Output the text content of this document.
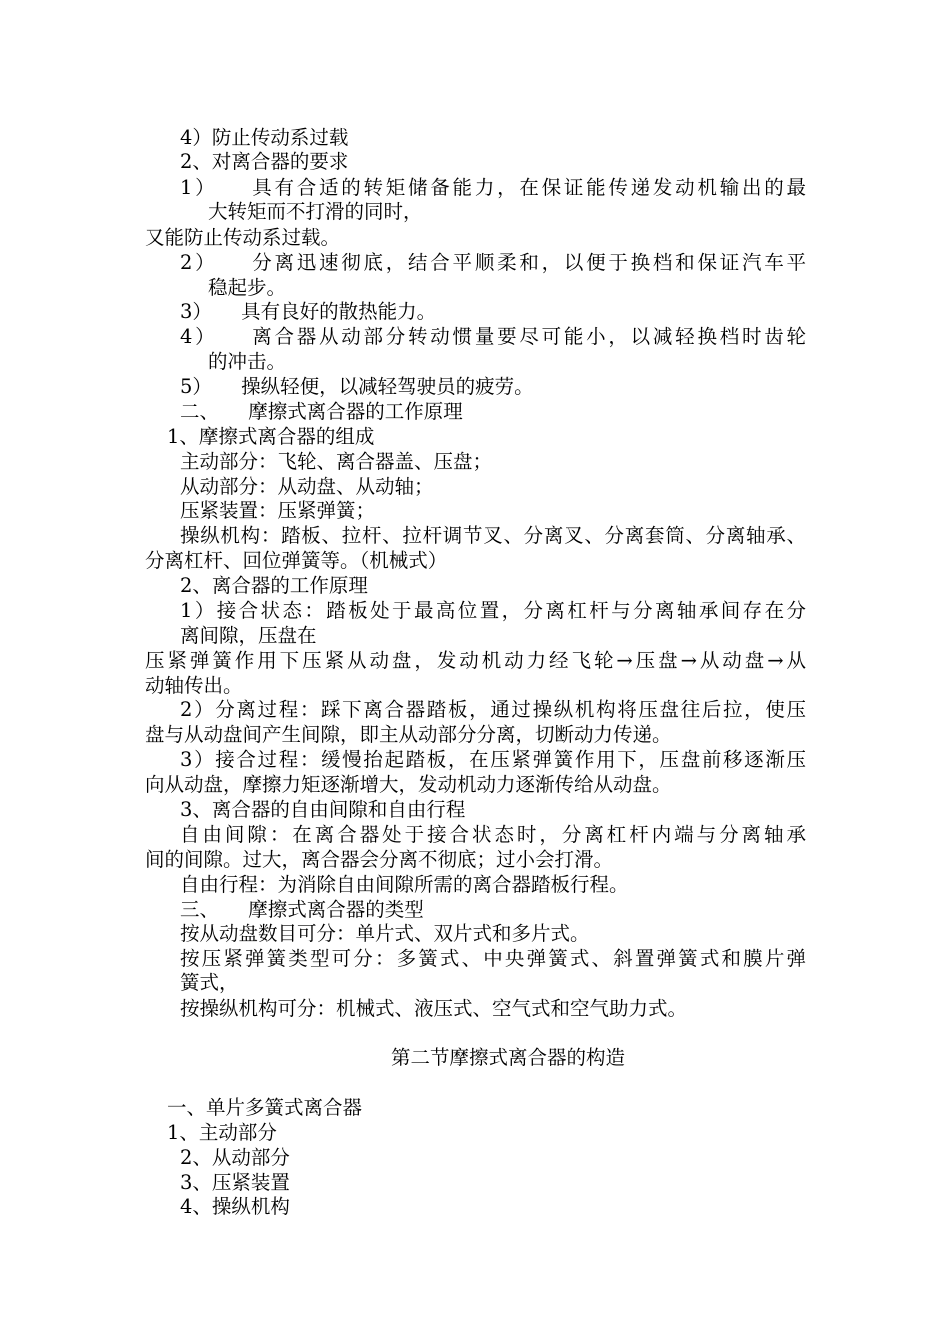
4）防止传动系过载
2、对离合器的要求
1）　　具有合适的转矩储备能力，在保证能传递发动机输出的最
大转矩而不打滑的同时，
又能防止传动系过载。
2）　　分离迅速彻底，结合平顺柔和，以便于换档和保证汽车平
稳起步。
3）　　具有良好的散热能力。
4）　　离合器从动部分转动惯量要尽可能小，以减轻换档时齿轮
的冲击。
5）　　操纵轻便，以减轻驾驶员的疲劳。
二、　　摩擦式离合器的工作原理
1、摩擦式离合器的组成
主动部分：飞轮、离合器盖、压盘；
从动部分：从动盘、从动轴；
压紧装置：压紧弹簧；
操纵机构：踏板、拉杆、拉杆调节叉、分离叉、分离套筒、分离轴承、
分离杠杆、回位弹簧等。（机械式）
2、离合器的工作原理
1）接合状态：踏板处于最高位置，分离杠杆与分离轴承间存在分
离间隙，压盘在
压紧弹簧作用下压紧从动盘，发动机动力经飞轮→压盘→从动盘→从
动轴传出。
2）分离过程：踩下离合器踏板，通过操纵机构将压盘往后拉，使压
盘与从动盘间产生间隙，即主从动部分分离，切断动力传递。
3）接合过程：缓慢抬起踏板，在压紧弹簧作用下，压盘前移逐渐压
向从动盘，摩擦力矩逐渐增大，发动机动力逐渐传给从动盘。
3、离合器的自由间隙和自由行程
自由间隙：在离合器处于接合状态时，分离杠杆内端与分离轴承
间的间隙。过大，离合器会分离不彻底；过小会打滑。
自由行程：为消除自由间隙所需的离合器踏板行程。
三、　　摩擦式离合器的类型
按从动盘数目可分：单片式、双片式和多片式。
按压紧弹簧类型可分：多簧式、中央弹簧式、斜置弹簧式和膜片弹
簧式，
按操纵机构可分：机械式、液压式、空气式和空气助力式。
第二节摩擦式离合器的构造
一、单片多簧式离合器
1、主动部分
2、从动部分
3、压紧装置
4、操纵机构
